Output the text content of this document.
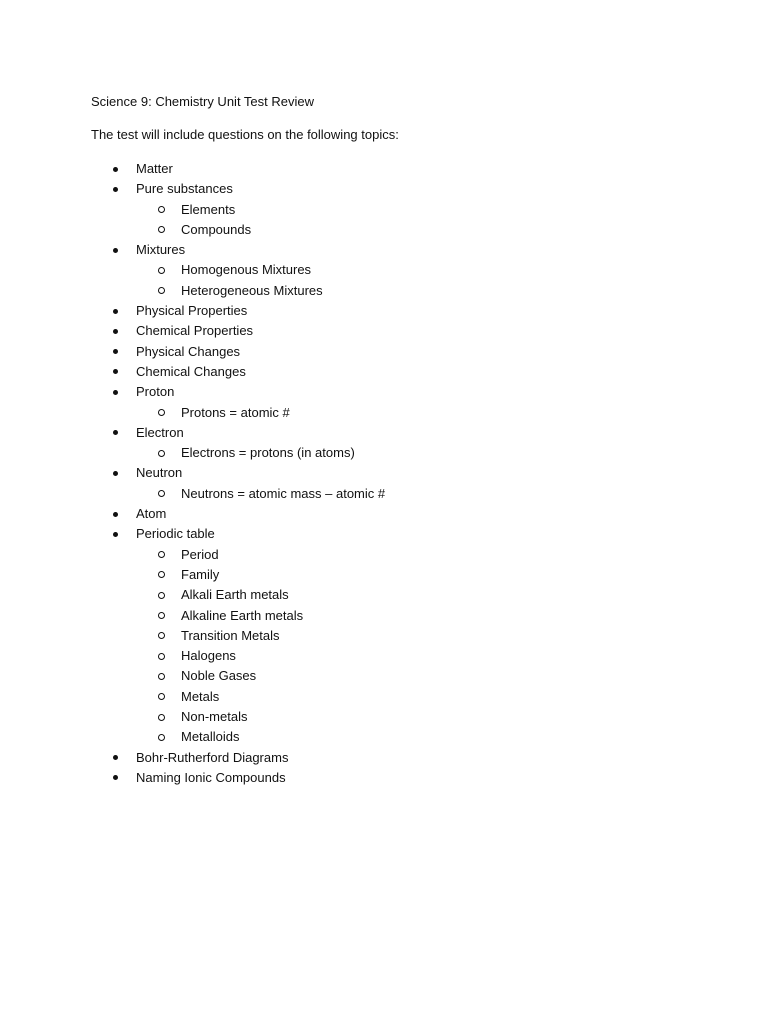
Science 9: Chemistry Unit Test Review
The test will include questions on the following topics:
Matter
Pure substances
Elements
Compounds
Mixtures
Homogenous Mixtures
Heterogeneous Mixtures
Physical Properties
Chemical Properties
Physical Changes
Chemical Changes
Proton
Protons = atomic #
Electron
Electrons = protons (in atoms)
Neutron
Neutrons = atomic mass – atomic #
Atom
Periodic table
Period
Family
Alkali Earth metals
Alkaline Earth metals
Transition Metals
Halogens
Noble Gases
Metals
Non-metals
Metalloids
Bohr-Rutherford Diagrams
Naming Ionic Compounds
